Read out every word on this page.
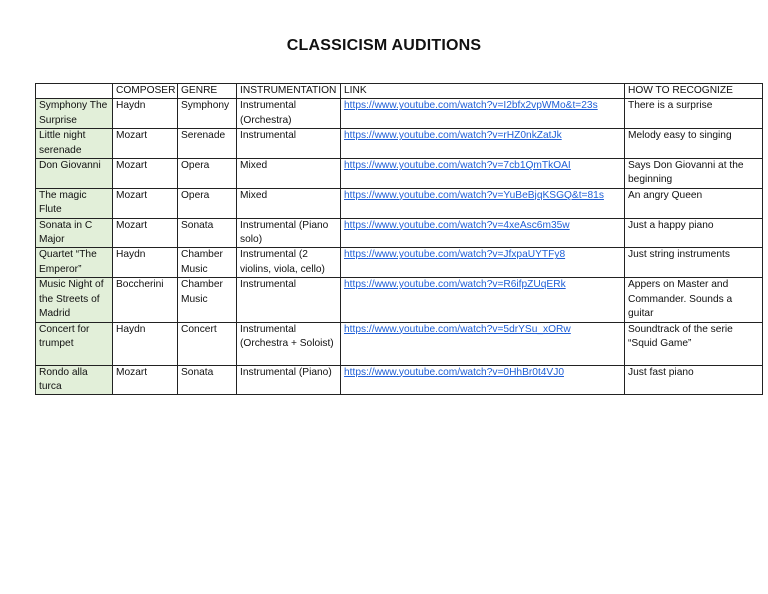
CLASSICISM AUDITIONS
	COMPOSER	GENRE	INSTRUMENTATION	LINK	HOW TO RECOGNIZE
Symphony The Surprise	Haydn	Symphony	Instrumental (Orchestra)	https://www.youtube.com/watch?v=I2bfx2vpWMo&t=23s	There is a surprise
Little night serenade	Mozart	Serenade	Instrumental	https://www.youtube.com/watch?v=rHZ0nkZatJk	Melody easy to singing
Don Giovanni	Mozart	Opera	Mixed	https://www.youtube.com/watch?v=7cb1QmTkOAI	Says Don Giovanni at the beginning
The magic Flute	Mozart	Opera	Mixed	https://www.youtube.com/watch?v=YuBeBjqKSGQ&t=81s	An angry Queen
Sonata in C Major	Mozart	Sonata	Instrumental (Piano solo)	https://www.youtube.com/watch?v=4xeAsc6m35w	Just a happy piano
Quartet “The Emperor”	Haydn	Chamber Music	Instrumental (2 violins, viola, cello)	https://www.youtube.com/watch?v=JfxpaUYTFy8	Just string instruments
Music Night of the Streets of Madrid	Boccherini	Chamber Music	Instrumental	https://www.youtube.com/watch?v=R6ifpZUqERk	Appers on Master and Commander. Sounds a guitar
Concert for trumpet	Haydn	Concert	Instrumental (Orchestra + Soloist)	https://www.youtube.com/watch?v=5drYSu_xORw	Soundtrack of the serie “Squid Game”
Rondo alla turca	Mozart	Sonata	Instrumental (Piano)	https://www.youtube.com/watch?v=0HhBr0t4VJ0	Just fast piano
